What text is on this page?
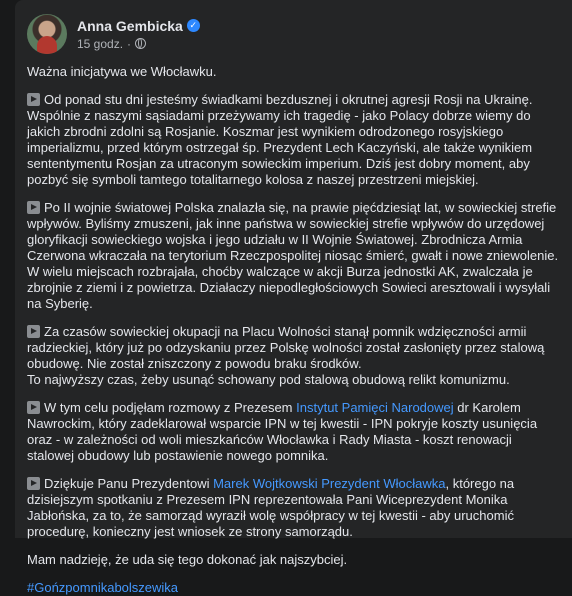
Anna Gembicka ✓
15 godz. ·

Ważna inicjatywa we Włocławku.

Od ponad stu dni jesteśmy świadkami bezdusznej i okrutnej agresji Rosji na Ukrainę. Wspólnie z naszymi sąsiadami przeżywamy ich tragedię - jako Polacy dobrze wiemy do jakich zbrodni zdolni są Rosjanie. Koszmar jest wynikiem odrodzonego rosyjskiego imperializmu, przed którym ostrzegał śp. Prezydent Lech Kaczyński, ale także wynikiem sententymentu Rosjan za utraconym sowieckim imperium. Dziś jest dobry moment, aby pozbyć się symboli tamtego totalitarnego kolosa z naszej przestrzeni miejskiej.

Po II wojnie światowej Polska znalazła się, na prawie pięćdziesiąt lat, w sowieckiej strefie wpływów. Byliśmy zmuszeni, jak inne państwa w sowieckiej strefie wpływów do urzędowej gloryfikacji sowieckiego wojska i jego udziału w II Wojnie Światowej. Zbrodnicza Armia Czerwona wkraczała na terytorium Rzeczpospolitej niosąc śmierć, gwałt i nowe zniewolenie. W wielu miejscach rozbrajała, choćby walczące w akcji Burza jednostki AK, zwalczała je zbrojnie z ziemi i z powietrza. Działaczy niepodległościowych Sowieci aresztowali i wysyłali na Syberię.

Za czasów sowieckiej okupacji na Placu Wolności stanął pomnik wdzięczności armii radzieckiej, który już po odzyskaniu przez Polskę wolności został zasłonięty przez stalową obudowę. Nie został zniszczony z powodu braku środków.
To najwyższy czas, żeby usunąć schowany pod stalową obudową relikt komunizmu.

W tym celu podjęłam rozmowy z Prezesem Instytut Pamięci Narodowej dr Karolem Nawrockim, który zadeklarował wsparcie IPN w tej kwestii - IPN pokryje koszty usunięcia oraz - w zależności od woli mieszkańców Włocławka i Rady Miasta - koszt renowacji stalowej obudowy lub postawienie nowego pomnika.

Dziękuje Panu Prezydentowi Marek Wojtkowski Prezydent Włocławka, którego na dzisiejszym spotkaniu z Prezesem IPN reprezentowała Pani Wiceprezydent Monika Jabłońska, za to, że samorząd wyraził wolę współpracy w tej kwestii - aby uruchomić procedurę, konieczny jest wniosek ze strony samorządu.

Mam nadzieję, że uda się tego dokonać jak najszybciej.

#Gońzpomnikabolszewika
